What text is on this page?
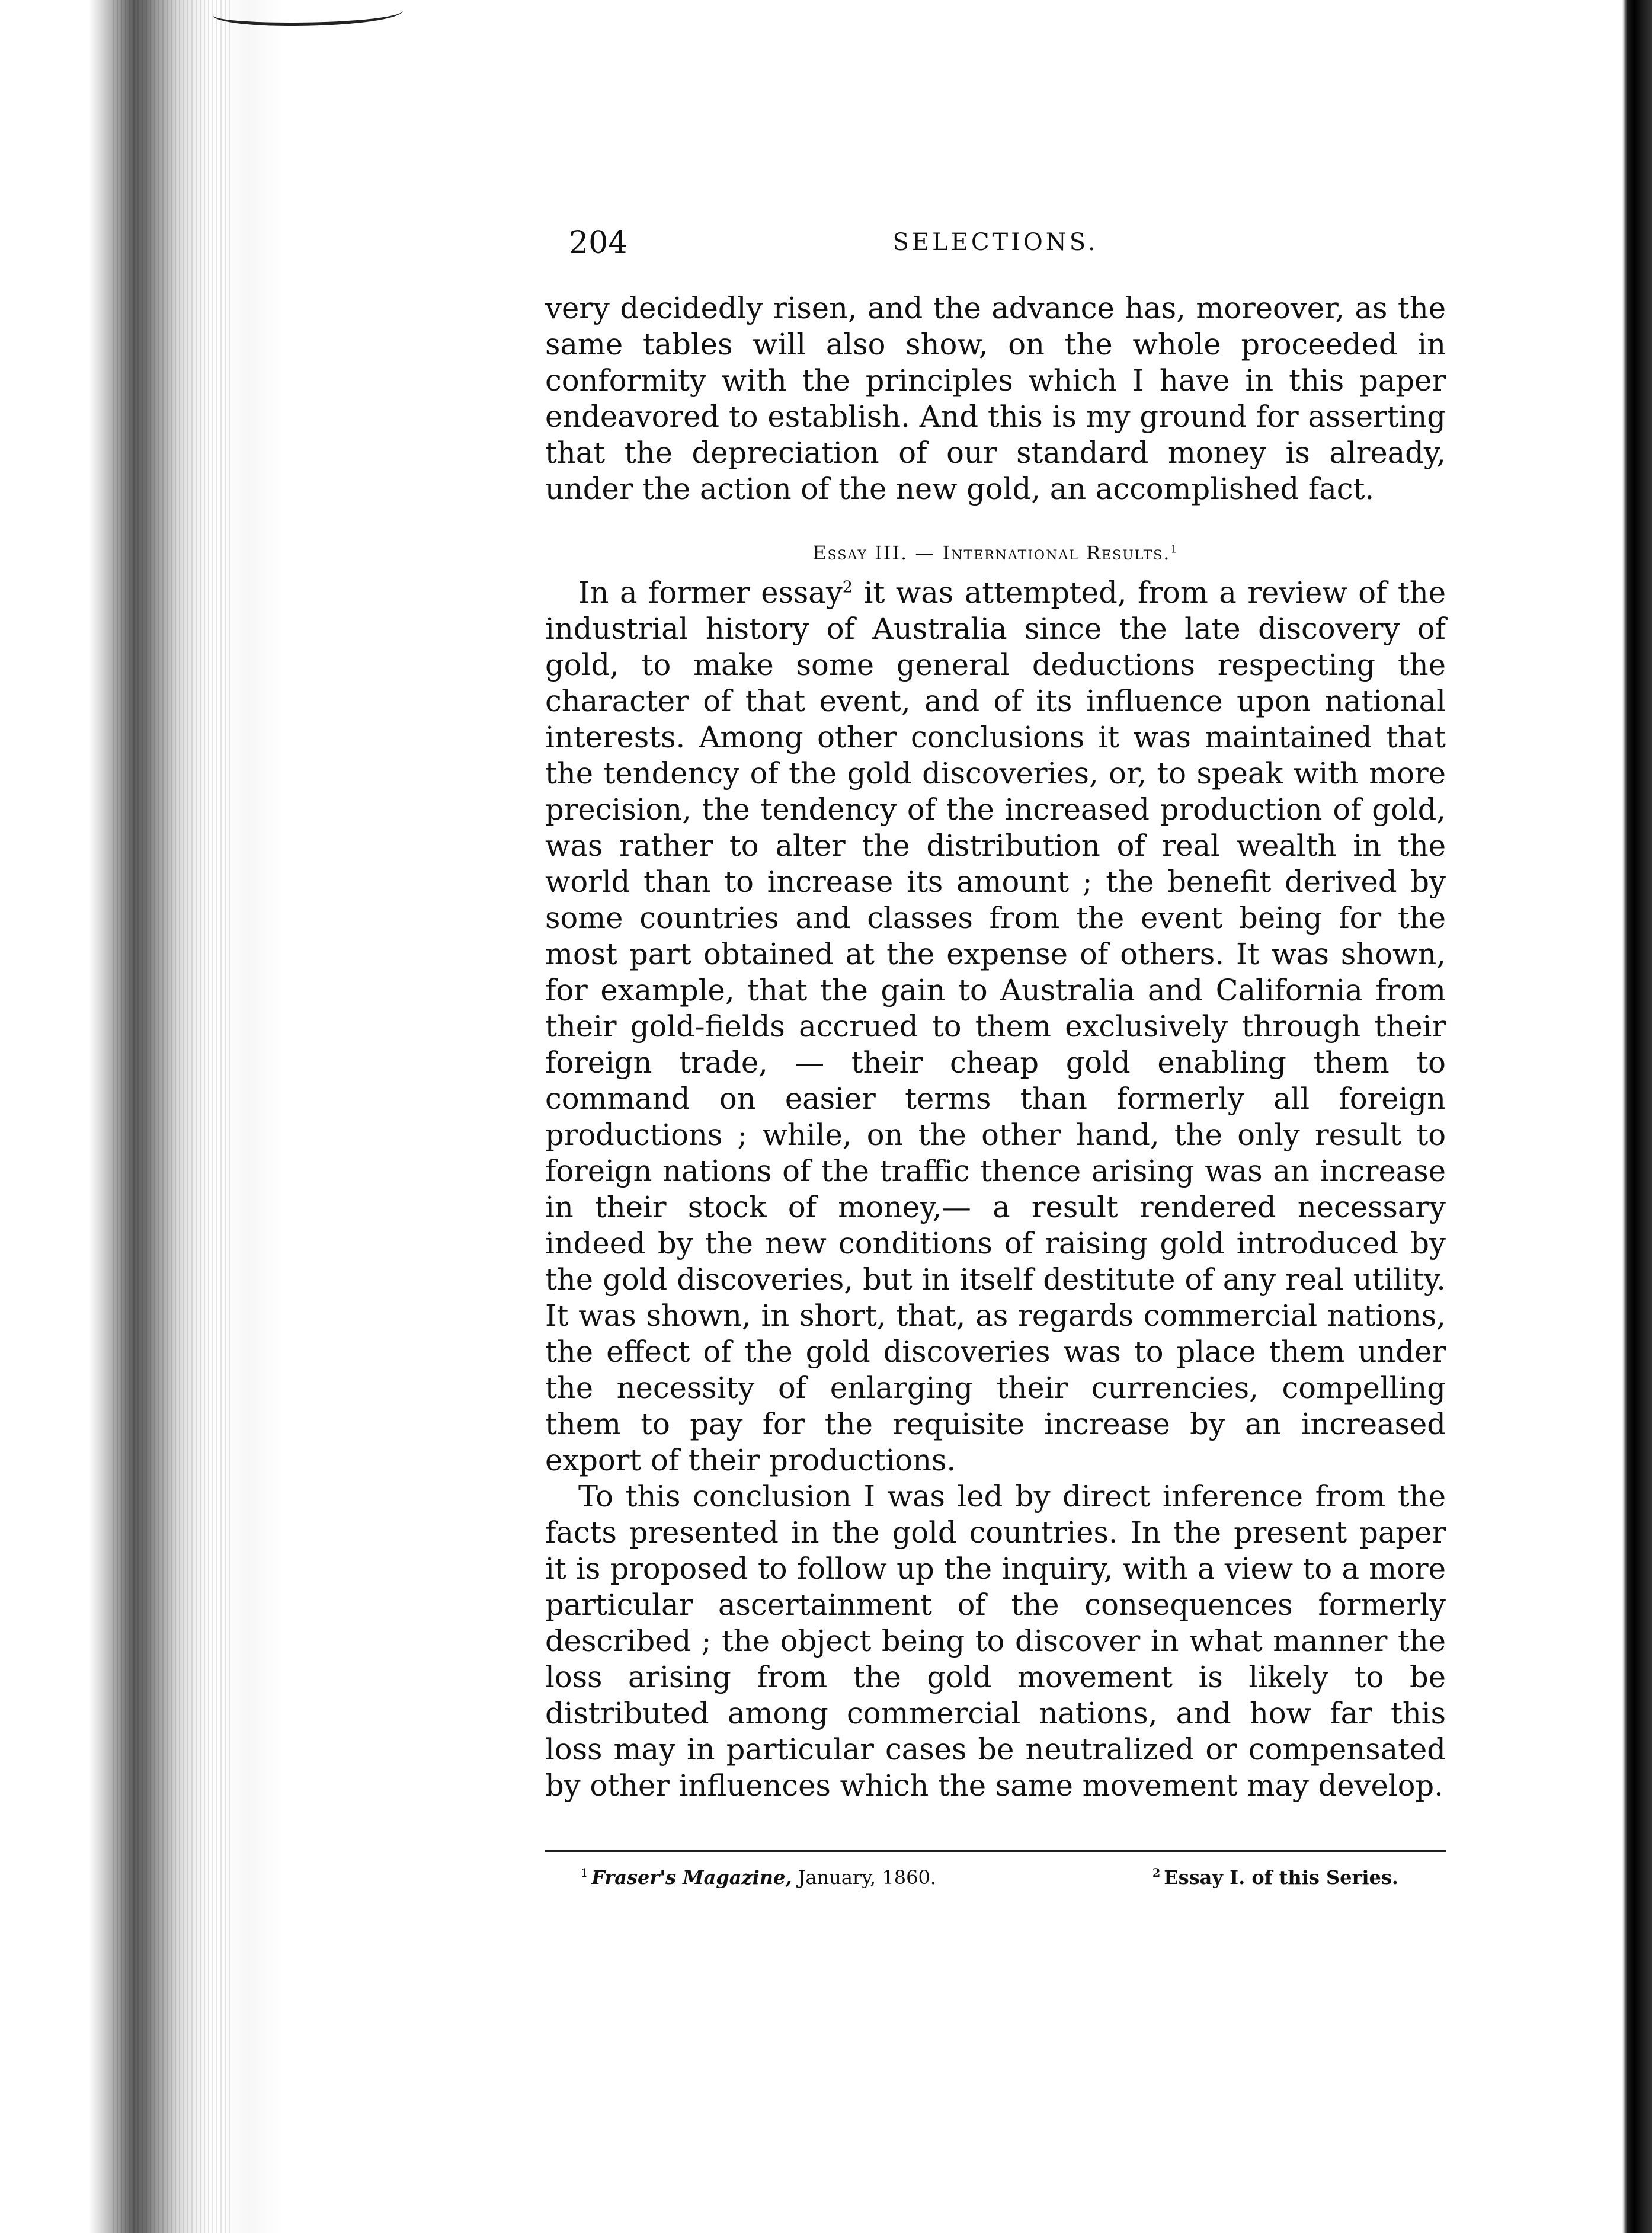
204	SELECTIONS.

very decidedly risen, and the advance has, moreover, as the same tables will also show, on the whole proceeded in conformity with the principles which I have in this paper endeavored to establish. And this is my ground for asserting that the depreciation of our standard money is already, under the action of the new gold, an accomplished fact.

Essay III. — International Results.$^1$

In a former essay$^2$ it was attempted, from a review of the industrial history of Australia since the late discovery of gold, to make some general deductions respecting the character of that event, and of its influence upon national interests. Among other conclusions it was maintained that the tendency of the gold discoveries, or, to speak with more precision, the tendency of the increased production of gold, was rather to alter the distribution of real wealth in the world than to increase its amount ; the benefit derived by some countries and classes from the event being for the most part obtained at the expense of others. It was shown, for example, that the gain to Australia and California from their gold-fields accrued to them exclusively through their foreign trade, — their cheap gold enabling them to command on easier terms than formerly all foreign productions ; while, on the other hand, the only result to foreign nations of the traffic thence arising was an increase in their stock of money,— a result rendered necessary indeed by the new conditions of raising gold introduced by the gold discoveries, but in itself destitute of any real utility. It was shown, in short, that, as regards commercial nations, the effect of the gold discoveries was to place them under the necessity of enlarging their currencies, compelling them to pay for the requisite increase by an increased export of their productions.

To this conclusion I was led by direct inference from the facts presented in the gold countries. In the present paper it is proposed to follow up the inquiry, with a view to a more particular ascertainment of the consequences formerly described ; the object being to discover in what manner the loss arising from the gold movement is likely to be distributed among commercial nations, and how far this loss may in particular cases be neutralized or compensated by other influences which the same movement may develop.

$^1$ Fraser's Magazine, January, 1860.	$^2$ Essay I. of this Series.
